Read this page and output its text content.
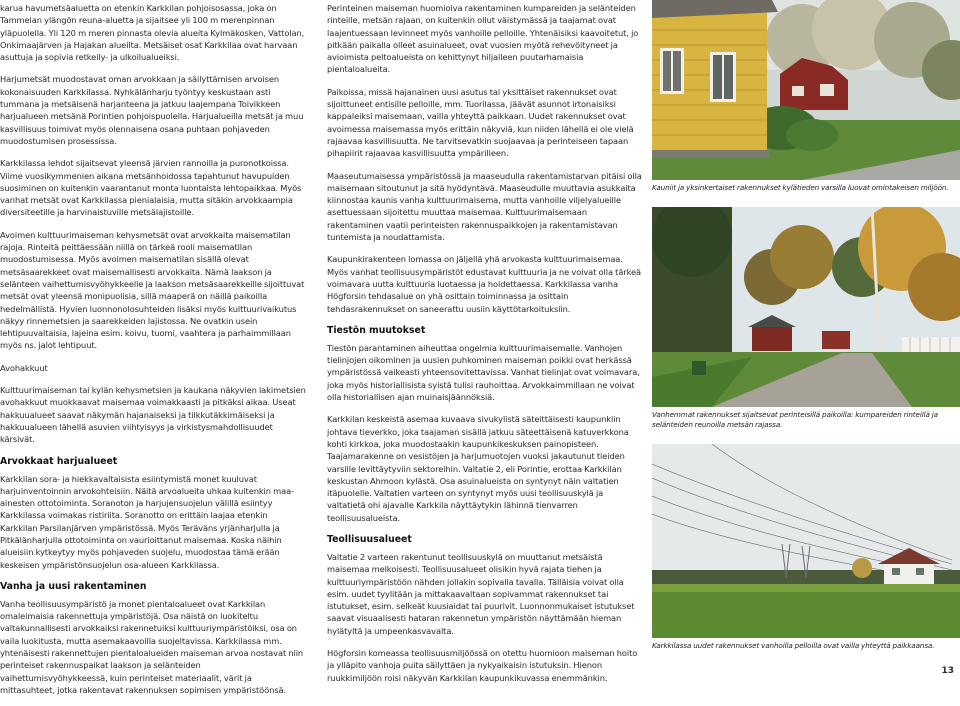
karua havumetsäaluetta on etenkin Karkkilan pohjoisosassa, joka on Tammelan ylängön reuna-aluetta ja sijaitsee yli 100 m merenpinnan yläpuolella. Yli 120 m meren pinnasta olevia alueita Kylmäkosken, Vattolan, Onkimaajärven ja Hajakan alueilta. Metsäiset osat Karkkilaa ovat harvaan asuttuja ja sopivia retkeily- ja ulkoilualueiksi.

Harjumetsät muodostavat oman arvokkaan ja säilyttämisen arvoisen kokonaisuuden Karkkilassa. Nyhkälänharju työntyy keskustaan asti tummana ja metsäisenä harjanteena ja jatkuu laajempana Toivikkeen harjualueen metsänä Porintien pohjoispuolella. Harjualueilla metsät ja muu kasvillisuus toimivat myös olennaisena osana puhtaan pohjaveden muodostumisen prosessissa.

Karkkilassa lehdot sijaitsevat yleensä järvien rannoilla ja puronotkoissa. Viime vuosikymmenien aikana metsänhoidossa tapahtunut havupuiden suosiminen on kuitenkin vaarantanut monta luontaista lehtopaikkaa. Myös vanhat metsät ovat Karkkilassa pienialaisia, mutta sitäkin arvokkaampia diversiteetille ja harvinaistuville metsälajistoille.

Avoimen kulttuurimaiseman kehysmetsät ovat arvokkaita maisematilan rajoja. Rinteitä peittäessään niillä on tärkeä rooli maisematilan muodostumisessa. Myös avoimen maisematilan sisällä olevat metsäsaarekkeet ovat maisemallisesti arvokkaita. Nämä laakson ja selänteen vaihettumisvyöhykkeelle ja laakson metsäsaarekkeille sijoittuvat metsät ovat yleensä monipuolisia, sillä maaperä on näillä paikoilla hedelmällistä. Hyvien luonnonolosuhteiden lisäksi myös kulttuurivaikutus näkyy rinnemetsien ja saarekkeiden lajistossa. Ne ovatkin usein lehtipuuvaltaisia, lajeina esim. koivu, tuomi, vaahtera ja parhaimmillaan myös ns. jalot lehtipuut.

Avohakkuut

Kulttuurimaiseman tai kylän kehysmetsien ja kaukana näkyvien lakimetsien avohakkuut muokkaavat maisemaa voimakkaasti ja pitkäksi aikaa. Useat hakkuualueet saavat näkymän hajanaiseksi ja tilkkutäkkimäiseksi ja hakkuualueen lähellä asuvien viihtyisyys ja virkistysmahdollisuudet kärsivät.

Arvokkaat harjualueet

Karkkilan sora- ja hiekkavaltaisista esiintymistä monet kuuluvat harjuinventoinnin arvokohteisiin. Näitä arvoalueita uhkaa kuitenkin maa-ainesten ottotoiminta. Soranoton ja harjujensuojelun välillä esiintyy Karkkilassa voimakas ristiriita. Soranotto on erittäin laajaa etenkin Karkkilan Parsilanjärven ympäristössä. Myös Teräväns yrjänharjulla ja Pitkälänharjulla ottotoiminta on vaurioittanut maisemaa. Koska näihin alueisiin kytkeytyy myös pohjaveden suojelu, muodostaa tämä erään keskeisen ympäristönsuojelun osa-alueen Karkkilassa.

Vanha ja uusi rakentaminen

Vanha teollisuusympäristö ja monet pientaloalueet ovat Karkkilan omaleimaisia rakennettuja ympäristöjä. Osa näistä on luokiteltu valtakunnallisesti arvokkaiksi rakennetuiksi kulttuuriympäristöiksi, osa on vaila luokitusta, mutta asemakaavoilla suojeltavissa. Karkkilassa mm. yhtenäisesti rakennettujen pientaloalueiden maiseman arvoa nostavat niin perinteiset rakennuspaikat laakson ja selänteiden vaihettumisvyöhykkeessä, kuin perinteiset materiaalit, värit ja mittasuhteet, jotka rakentavat rakennuksen sopimisen ympäristöönsä.

Perinteinen maiseman huomioiva rakentaminen kumpareiden ja selänteiden rinteille, metsän rajaan, on kuitenkin ollut väistymässä ja taajamat ovat laajentuessaan levinneet myös vanhoille pelloille. Yhtenäisiksi kaavoitetut, jo pitkään paikalla olleet asuinalueet, ovat vuosien myötä rehevöityneet ja avioimista peltoalueista on kehittynyt hiljalleen puutarhamaisia pientaloalueita.

Paikoissa, missä hajanainen uusi asutus tai yksittäiset rakennukset ovat sijoittuneet entisille pelloille, mm. Tuorilassa, jäävät asunnot irtonaisiksi kappaleiksi maisemaan, vailla yhteyttä paikkaan. Uudet rakennukset ovat avoimessa maisemassa myös erittäin näkyviä, kun niiden lähellä ei ole vielä rajaavaa kasvillisuutta. Ne tarvitsevatkin suojaavaa ja perinteiseen tapaan pihapiirit rajaavaa kasvillisuutta ympärilleen.

Maaseutumaisessa ympäristössä ja maaseudulla rakentamistarvan pitäisi olla maisemaan sitoutunut ja sitä hyödyntävä. Maaseudulle muuttavia asukkaita kiinnostaa kaunis vanha kulttuurimaisema, mutta vanhoille viljelyalueille asettuessaan sijoitettu muuttaa maisemaa. Kulttuurimaisemaan rakentaminen vaatii perinteisten rakennuspaikkojen ja rakentamistavan tuntemista ja noudattamista.

Kaupunkirakenteen lomassa on jäljellä yhä arvokasta kulttuurimaisemaa. Myös vanhat teollisuusympäristöt edustavat kulttuuria ja ne voivat olla tärkeä voimavara uutta kulttuuria luotaessa ja hoidettaessa. Karkkilassa vanha Högforsin tehdasalue on yhä osittain toiminnassa ja osittain tehdasrakennukset on saneerattu uusiin käyttötarkoituksiin.

Tiestön muutokset

Tiestön parantaminen aiheuttaa ongelmia kulttuurimaisemalle. Vanhojen tielinjojen oikominen ja uusien puhkominen maiseman poikki ovat herkässä ympäristössä vaikeasti yhteensovitettavissa. Vanhat tielinjat ovat voimavara, joka myös historiallisista syistä tulisi rauhoittaa. Arvokkaimmillaan ne voivat olla historiallisen ajan muinaisjäännöksiä.

Karkkilan keskeistä asemaa kuvaava sivukylistä säteittäisesti kaupunkiin johtava tieverkko, joka taajaman sisällä jatkuu säteettäisenä katuverkkona kohti kirkkoa, joka muodostaakin kaupunkikeskuksen painopisteen. Taajamarakenne on vesistöjen ja harjumuotojen vuoksi jakautunut tieiden varsille levittäytyviin sektoreihin. Valtatie 2, eli Porintie, erottaa Karkkilan keskustan Ahmoon kylästä. Osa asuinalueista on syntynyt näin valtatien itäpuolelle. Valtatien varteen on syntynyt myös uusi teollisuuskylä ja valtatietä ohi ajavalle Karkkila näyttäytykin lähinnä tienvarren teollisuusalueista.

Teollisuusalueet

Valtatie 2 varteen rakentunut teollisuuskylä on muuttanut metsäistä maisemaa melkoisesti. Teollisuusalueet olisikin hyvä rajata tiehen ja kulttuuriympäristöön nähden jollakin sopivalla tavalla. Tälläisia voivat olla esim. uudet tyylitään ja mittakaavaltaan sopivammat rakennukset tai istutukset, esim. selkeät kuusiaidat tai puurivit. Luonnonmukaiset istutukset saavat visuaalisesti hataran rakennetun ympäristön näyttämään hieman hylätyltä ja umpeenkasvavalta.

Högforsin komeassa teollisuusmiljöössä on otettu huomioon maiseman hoito ja ylläpito vanhoja puita säilyttäen ja nykyaikaisin istutuksin. Hienon ruukkimiljöön roisi näkyvän Karkkilan kaupunkikuvassa enemmänkin.

Kauniit ja yksinkertaiset rakennukset kylätieden varsilla luovat omintakeisen miljöön.

Vanhemmat rakennukset sijaitsevat perinteisillä paikoilla: kumpareiden rinteillä ja selänteiden reunoilla metsän rajassa.

Karkkilassa uudet rakennukset vanhoilla pelloilla ovat vailla yhteyttä paikkaansa.

13
